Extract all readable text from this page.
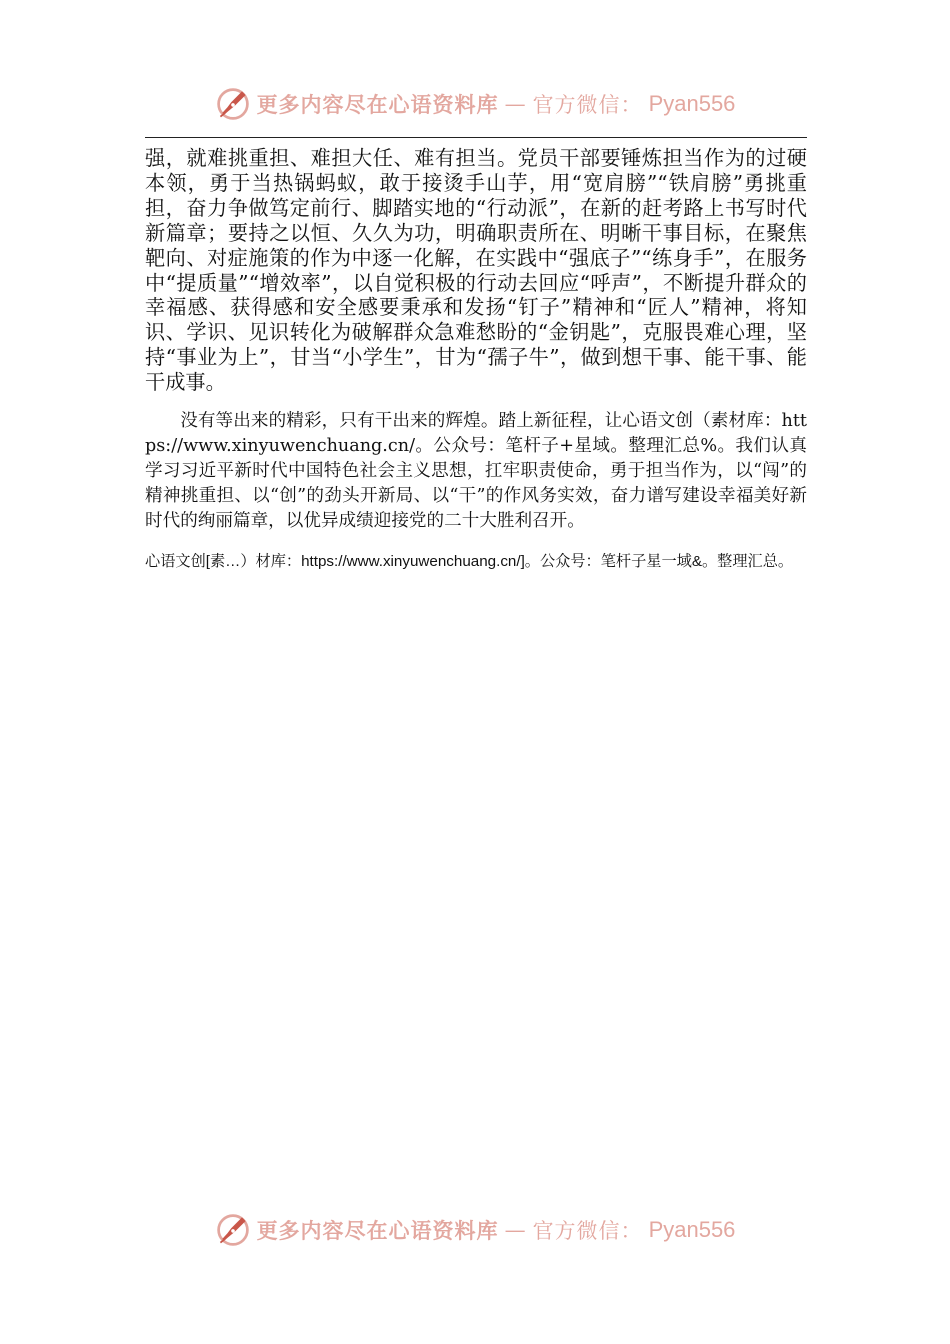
更多内容尽在心语资料库 — 官方微信： Pyan556

强，就难挑重担、难担大任、难有担当。党员干部要锤炼担当作为的过硬本领，勇于当热锅蚂蚁，敢于接烫手山芋，用“宽肩膀”“铁肩膀”勇挑重担，奋力争做笃定前行、脚踏实地的“行动派”，在新的赶考路上书写时代新篇章；要持之以恒、久久为功，明确职责所在、明晰干事目标，在聚焦靶向、对症施策的作为中逐一化解，在实践中“强底子”“练身手”，在服务中“提质量”“增效率”，以自觉积极的行动去回应“呼声”，不断提升群众的幸福感、获得感和安全感要秉承和发扬“钉子”精神和“匠人”精神，将知识、学识、见识转化为破解群众急难愁盼的“金钥匙”，克服畏难心理，坚持“事业为上”，甘当“小学生”，甘为“孺子牛”，做到想干事、能干事、能干成事。

没有等出来的精彩，只有干出来的辉煌。踏上新征程，让心语文创（素材库：https://www.xinyuwenchuang.cn/。公众号：笔杆子+星域。整理汇总%。我们认真学习习近平新时代中国特色社会主义思想，扛牢职责使命，勇于担当作为，以“闯”的精神挑重担、以“创”的劲头开新局、以“干”的作风务实效，奋力谱写建设幸福美好新时代的绚丽篇章，以优异成绩迎接党的二十大胜利召开。

心语文创[素…）材库：https://www.xinyuwenchuang.cn/]。公众号：笔杆子星一域&。整理汇总。

更多内容尽在心语资料库 — 官方微信： Pyan556
